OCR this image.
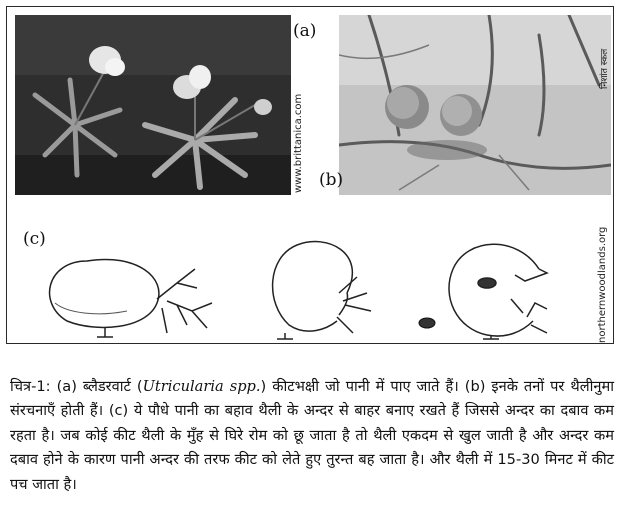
(a)
www.brittanica.com (b)
निशांत स्कल
(c)	northernwoodlands.org

चित्र-1: (a) ब्लैडरवार्ट (Utricularia spp.) कीटभक्षी जो पानी में पाए जाते हैं। (b) इनके तनों पर थैलीनुमा संरचनाएँ होती हैं। (c) ये पौधे पानी का बहाव थैली के अन्दर से बाहर बनाए रखते हैं जिससे अन्दर का दबाव कम रहता है। जब कोई कीट थैली के मुँह से घिरे रोम को छू जाता है तो थैली एकदम से खुल जाती है और अन्दर कम दबाव होने के कारण पानी अन्दर की तरफ कीट को लेते हुए तुरन्त बह जाता है। और थैली में 15-30 मिनट में कीट पच जाता है।
